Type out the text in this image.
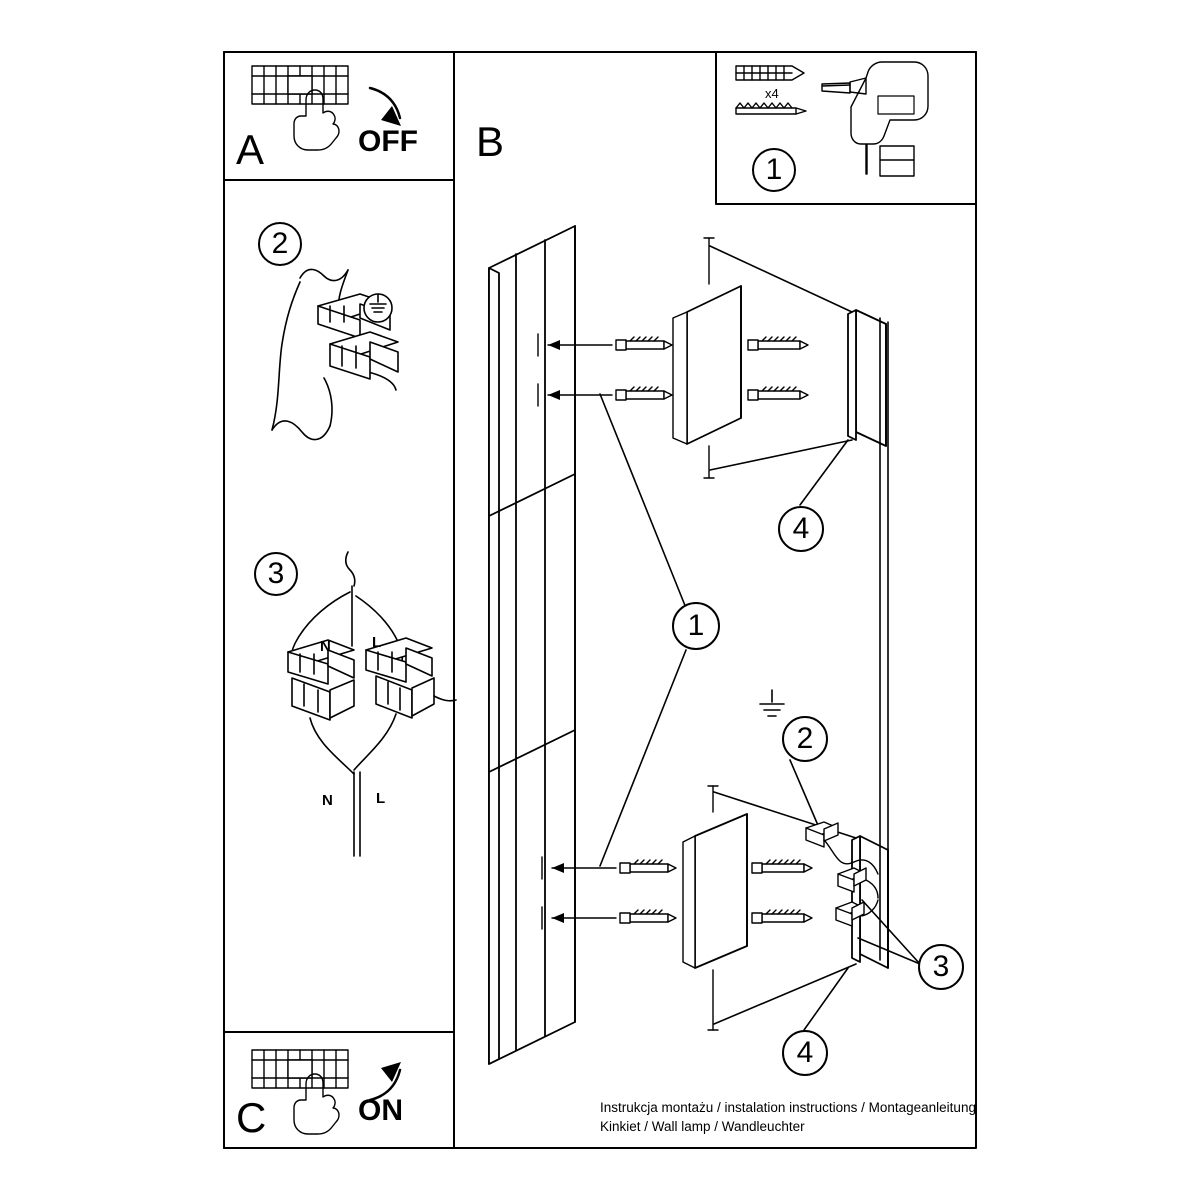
A	OFF B
C	ON
x4
1
2
3
N	L
N	L
1
4
2
3
4
Instrukcja montażu / instalation instructions / Montageanleitung
Kinkiet / Wall lamp / Wandleuchter
